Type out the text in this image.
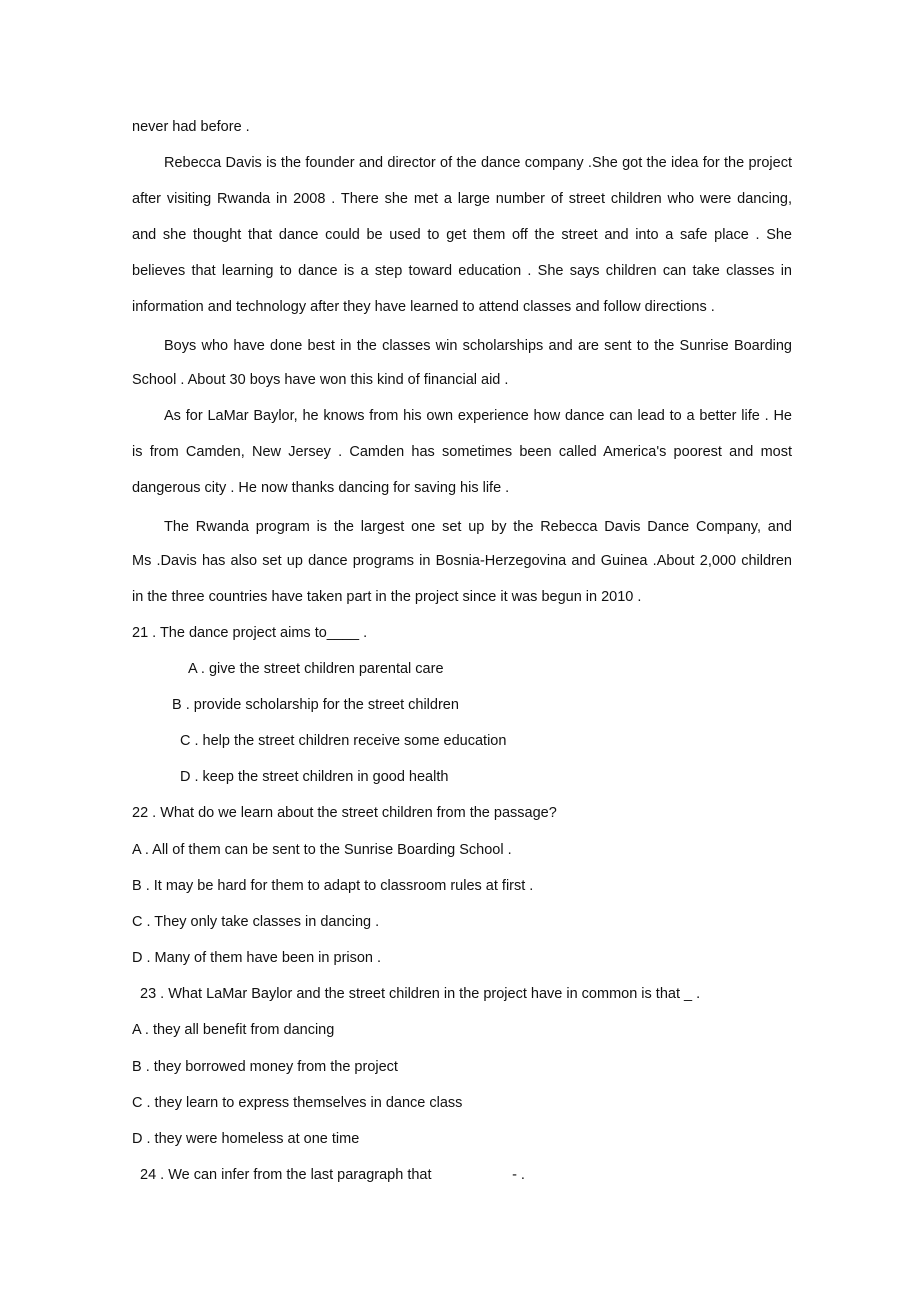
never had before .
Rebecca Davis is the founder and director of the dance company .She got the idea for the project
after visiting Rwanda in 2008 . There she met a large number of street children who were dancing,
and she thought that dance could be used to get them off the street and into a safe place . She
believes that learning to dance is a step toward education . She says children can take classes in
information and technology after they have learned to attend classes and follow directions .
Boys who have done best in the classes win scholarships and are sent to the Sunrise Boarding
School . About 30 boys have won this kind of financial aid .
As for LaMar Baylor, he knows from his own experience how dance can lead to a better life . He
is from Camden, New Jersey . Camden has sometimes been called America's poorest and most
dangerous city . He now thanks dancing for saving his life .
The Rwanda program is the largest one set up by the Rebecca Davis Dance Company, and
Ms .Davis has also set up dance programs in Bosnia-Herzegovina and Guinea .About 2,000 children
in the three countries have taken part in the project since it was begun in 2010 .
21 . The dance project aims to____ .
A . give the street children parental care
B . provide scholarship for the street children
C . help the street children receive some education
D . keep the street children in good health
22 . What do we learn about the street children from the passage?
A . All of them can be sent to the Sunrise Boarding School .
B . It may be hard for them to adapt to classroom rules at first .
C . They only take classes in dancing .
D . Many of them have been in prison .
23 . What LaMar Baylor and the street children in the project have in common is that _ .
A . they all benefit from dancing
B . they borrowed money from the project
C . they learn to express themselves in dance class
D . they were homeless at one time
24 . We can infer from the last paragraph that                    - .
